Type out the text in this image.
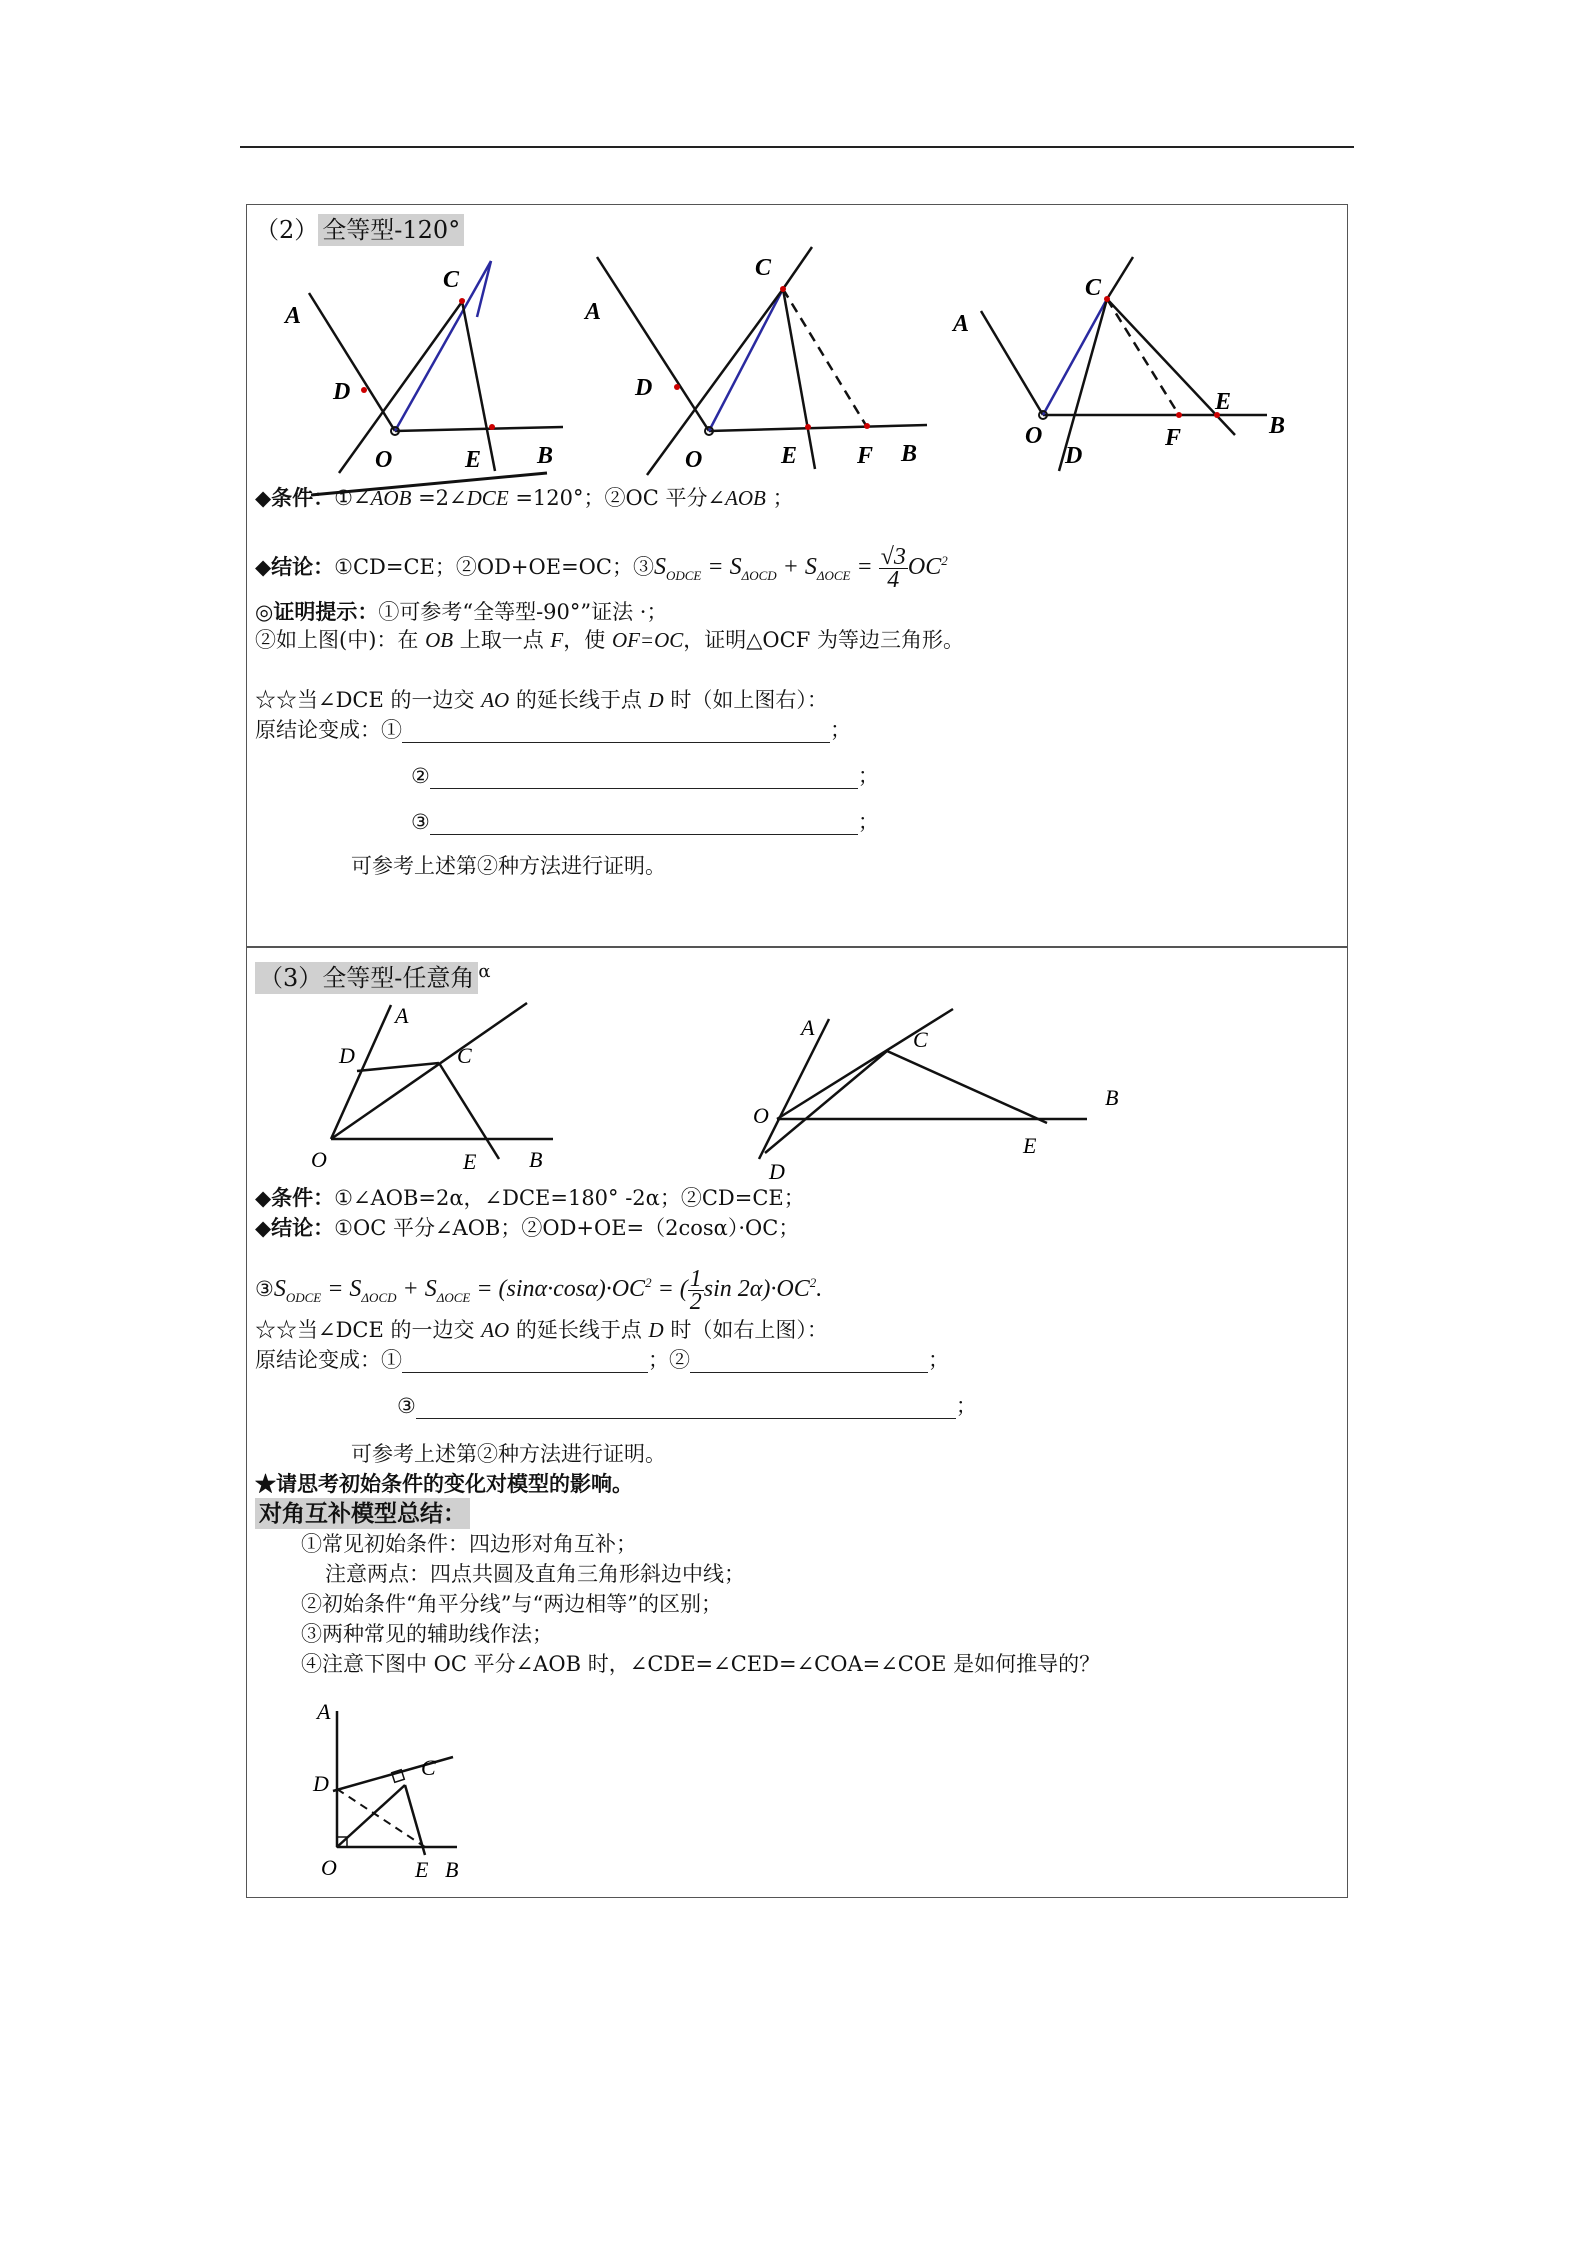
（2） 全等型-120°
A
C
D
O	E B
A
C
D
O	E F B
A
C
O
D
F
E
B
◆条件：①∠AOB =2∠DCE =120°；②OC 平分∠AOB ；
◆结论：①CD=CE；②OD+OE=OC；$③S_{ODCE} = S_{\Delta OCD} + S_{\Delta OCE} = \frac{√3}{4} OC^2$
◎证明提示：①可参考“全等型-90°”证法 ·；
②如上图(中)：在 OB 上取一点 F，使 OF=OC，证明△OCF 为等边三角形。
☆☆当∠DCE 的一边交 AO 的延长线于点 D 时（如上图右）：
原结论变成：①	；
②	；
③	；
可参考上述第②种方法进行证明。
（3）全等型-任意角 $^\alpha$
A
D	C
O	E B
A	C
O
D
E
B
◆条件：①∠AOB=2α，∠DCE=180° -2α；②CD=CE；
◆结论：①OC 平分∠AOB；②OD+OE=（2cosα）·OC；
$③S_{ODCE} = S_{\Delta OCD} + S_{\Delta OCE} = (\sin\alpha\cdot\cos\alpha)\cdot OC^2$ = ( $\frac{1}{2}$ $\sin 2\alpha)\cdot OC^2$.
☆☆当∠DCE 的一边交 AO 的延长线于点 D 时（如右上图）：
原结论变成：①	；②	；
③	；
可参考上述第②种方法进行证明。
★请思考初始条件的变化对模型的影响。
对角互补模型总结：
①常见初始条件：四边形对角互补；
注意两点：四点共圆及直角三角形斜边中线；
②初始条件“角平分线”与“两边相等”的区别；
③两种常见的辅助线作法；
④注意下图中 OC 平分∠AOB 时，∠CDE=∠CED=∠COA=∠COE 是如何推导的？
A
D
C
O	E B
